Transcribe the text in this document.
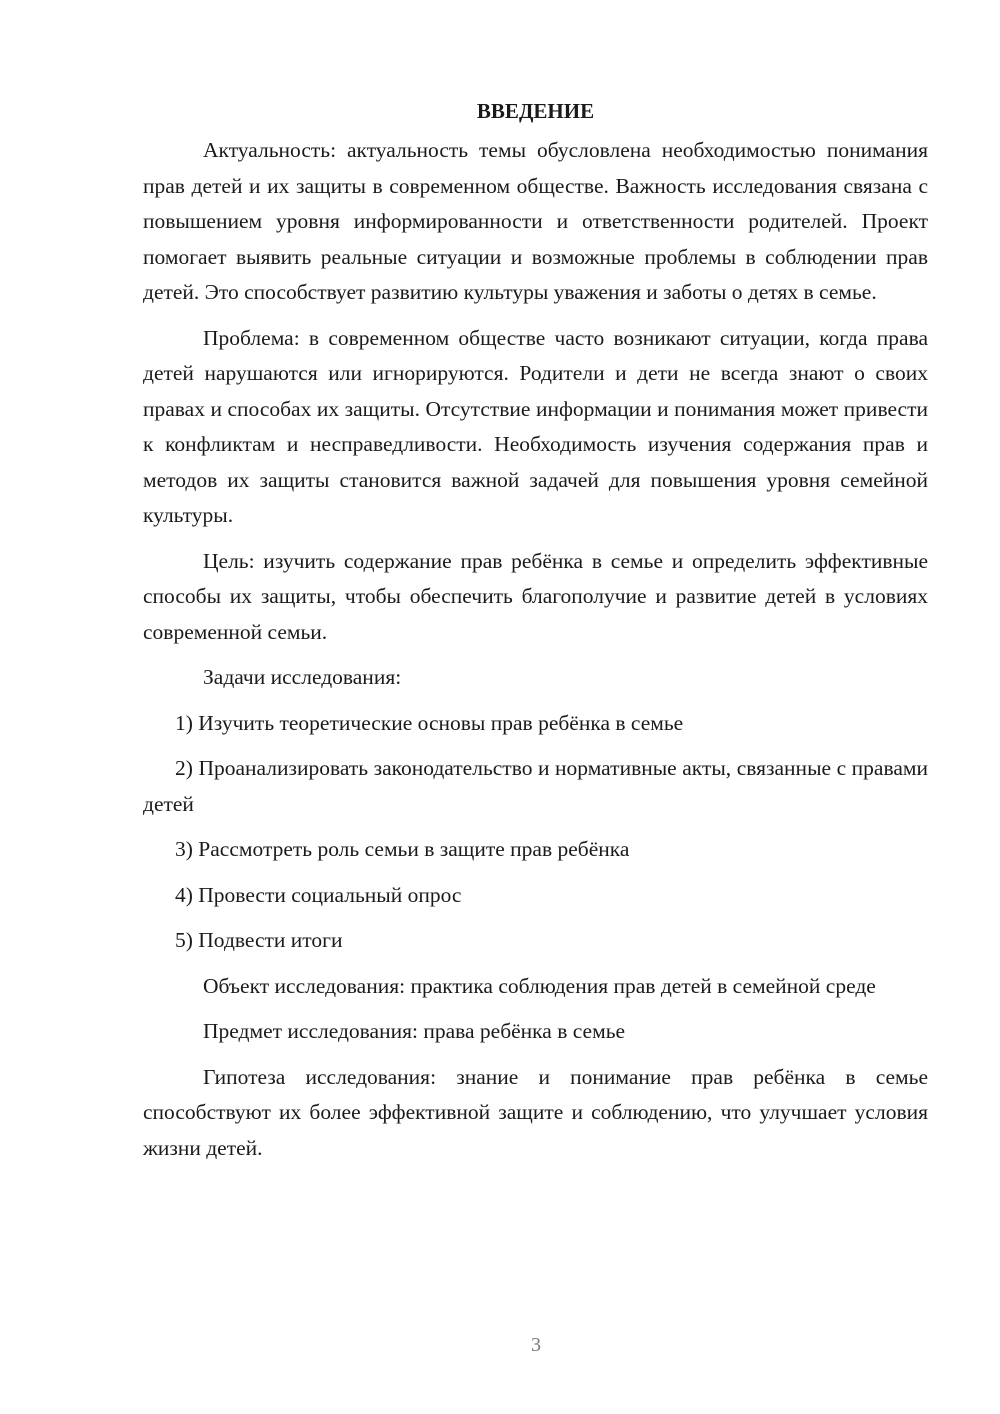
ВВЕДЕНИЕ

Актуальность: актуальность темы обусловлена необходимостью понимания прав детей и их защиты в современном обществе. Важность исследования связана с повышением уровня информированности и ответственности родителей. Проект помогает выявить реальные ситуации и возможные проблемы в соблюдении прав детей. Это способствует развитию культуры уважения и заботы о детях в семье.

Проблема: в современном обществе часто возникают ситуации, когда права детей нарушаются или игнорируются. Родители и дети не всегда знают о своих правах и способах их защиты. Отсутствие информации и понимания может привести к конфликтам и несправедливости. Необходимость изучения содержания прав и методов их защиты становится важной задачей для повышения уровня семейной культуры.

Цель: изучить содержание прав ребёнка в семье и определить эффективные способы их защиты, чтобы обеспечить благополучие и развитие детей в условиях современной семьи.

Задачи исследования:

1) Изучить теоретические основы прав ребёнка в семье

2) Проанализировать законодательство и нормативные акты, связанные с правами детей

3) Рассмотреть роль семьи в защите прав ребёнка

4) Провести социальный опрос

5) Подвести итоги

Объект исследования: практика соблюдения прав детей в семейной среде

Предмет исследования: права ребёнка в семье

Гипотеза исследования: знание и понимание прав ребёнка в семье способствуют их более эффективной защите и соблюдению, что улучшает условия жизни детей.

3
